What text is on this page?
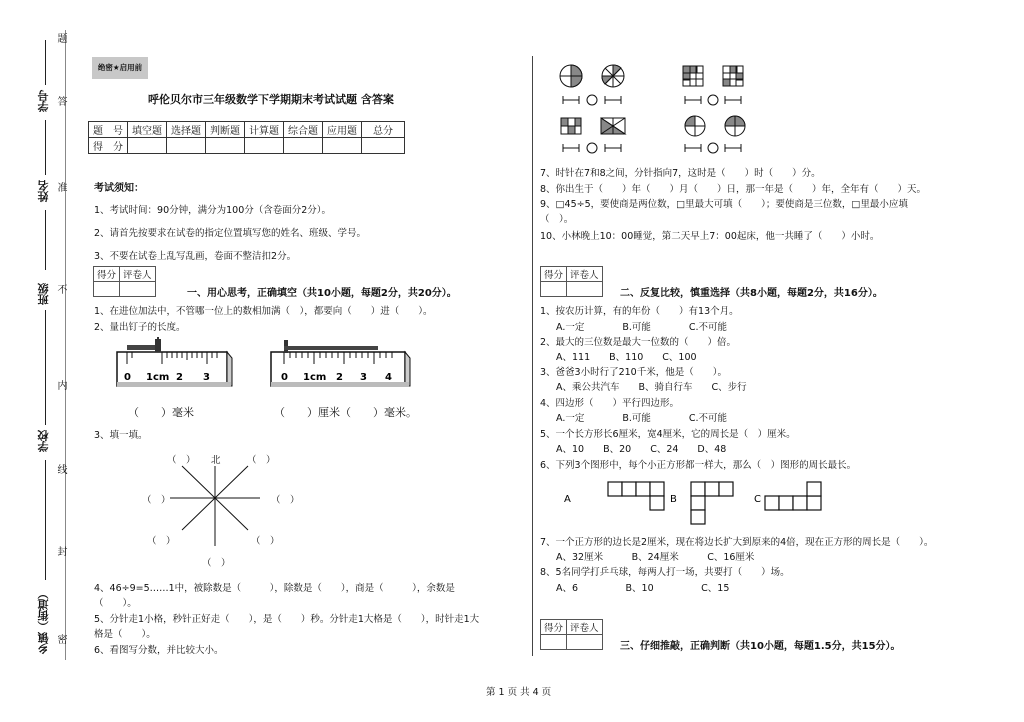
题
学号 答
姓名 准
班级 不
内
学校
线
封
乡镇（街道） 密
绝密★启用前
呼伦贝尔市三年级数学下学期期末考试试题 含答案
题　号	填空题	选择题	判断题	计算题	综合题	应用题	总分
得　分							
考试须知：
1、考试时间：90分钟，满分为100分（含卷面分2分）。
2、请首先按要求在试卷的指定位置填写您的姓名、班级、学号。
3、不要在试卷上乱写乱画，卷面不整洁扣2分。
得分	评卷人

一、用心思考，正确填空（共10小题，每题2分，共20分）。
1、在进位加法中，不管哪一位上的数相加满（　），都要向（　　）进（　　）。
2、量出钉子的长度。
0 1cm 2 3	0 1cm 2 3 4
（　　）毫米	（　　）厘米（　　）毫米。
3、填一填。
（　） 北	（　）
（　）	（　）
（　）	（　）
（　）
4、46÷9=5……1中，被除数是（　　　），除数是（　　），商是（　　　），余数是
（　　）。
5、分针走1小格，秒针正好走（　　），是（　　）秒。分针走1大格是（　　），时针走1大
格是（　　）。
6、看图写分数，并比较大小。
7、时针在7和8之间，分针指向7，这时是（　　）时（　　）分。
8、你出生于（　　）年（　　）月（　　）日，那一年是（　　）年，全年有（　　）天。
9、□45÷5，要使商是两位数，□里最大可填（　　）；要使商是三位数，□里最小应填
（　）。
10、小林晚上10：00睡觉，第二天早上7：00起床，他一共睡了（　　）小时。
得分	评卷人

二、反复比较，慎重选择（共8小题，每题2分，共16分）。
1、按农历计算，有的年份（　　）有13个月。
A.一定　　　　B.可能　　　　C.不可能
2、最大的三位数是最大一位数的（　　）倍。
A、111　　B、110　　C、100
3、爸爸3小时行了210千米，他是（　　）。
A、乘公共汽车　　B、骑自行车　　C、步行
4、四边形（　　）平行四边形。
A.一定　　　　B.可能　　　　C.不可能
5、一个长方形长6厘米，宽4厘米，它的周长是（　）厘米。
A、10　　B、20　　C、24　　D、48
6、下列3个图形中，每个小正方形都一样大，那么（　）图形的周长最长。
A	B	C
7、一个正方形的边长是2厘米，现在将边长扩大到原来的4倍，现在正方形的周长是（　　）。
A、32厘米　　　B、24厘米　　　C、16厘米
8、5名同学打乒乓球，每两人打一场，共要打（　　）场。
A、6　　　　　B、10　　　　　C、15
得分	评卷人

三、仔细推敲，正确判断（共10小题，每题1.5分，共15分）。
第 1 页 共 4 页
